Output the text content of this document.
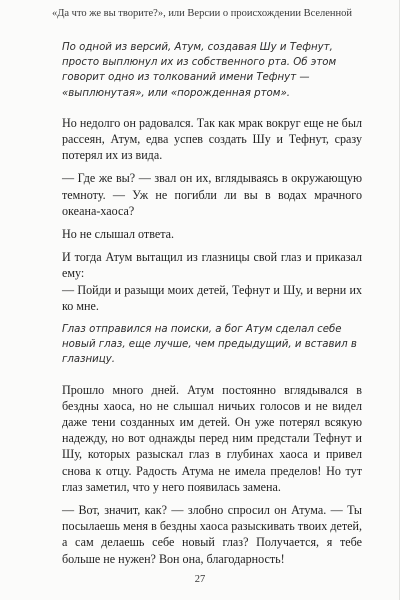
«Да что же вы творите?», или Версии о происхождении Вселенной

По одной из версий, Атум, создавая Шу и Тефнут, просто выплюнул их из собственного рта. Об этом говорит одно из толкований имени Тефнут — «выплюнутая», или «порожденная ртом».

Но недолго он радовался. Так как мрак вокруг еще не был рассеян, Атум, едва успев создать Шу и Тефнут, сразу потерял их из вида.

— Где же вы? — звал он их, вглядываясь в окружающую темноту. — Уж не погибли ли вы в водах мрачного океана-хаоса?

Но не слышал ответа.

И тогда Атум вытащил из глазницы свой глаз и приказал ему:

— Пойди и разыщи моих детей, Тефнут и Шу, и верни их ко мне.

Глаз отправился на поиски, а бог Атум сделал себе новый глаз, еще лучше, чем предыдущий, и вставил в глазницу.

Прошло много дней. Атум постоянно вглядывался в бездны хаоса, но не слышал ничьих голосов и не видел даже тени созданных им детей. Он уже потерял всякую надежду, но вот однажды перед ним предстали Тефнут и Шу, которых разыскал глаз в глубинах хаоса и привел снова к отцу. Радость Атума не имела пределов! Но тут глаз заметил, что у него появилась замена.

— Вот, значит, как? — злобно спросил он Атума. — Ты посылаешь меня в бездны хаоса разыскивать твоих детей, а сам делаешь себе новый глаз? Получается, я тебе больше не нужен? Вон она, благодарность!

27
